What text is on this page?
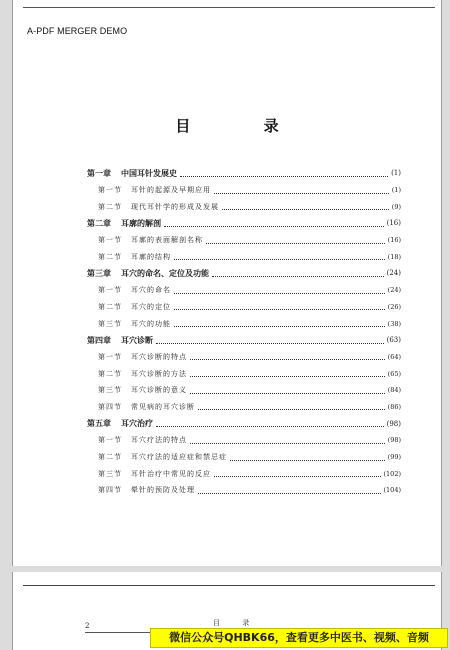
A-PDF MERGER DEMO
目 录
第一章 中国耳针发展史	(1)
第一节 耳针的起源及早期应用	(1)
第二节 现代耳针学的形成及发展	(9)
第二章 耳廓的解剖	(16)
第一节 耳廓的表面解剖名称	(16)
第二节 耳廓的结构	(18)
第三章 耳穴的命名、定位及功能	(24)
第一节 耳穴的命名	(24)
第二节 耳穴的定位	(26)
第三节 耳穴的功能	(38)
第四章 耳穴诊断	(63)
第一节 耳穴诊断的特点	(64)
第二节 耳穴诊断的方法	(65)
第三节 耳穴诊断的意义	(84)
第四节 常见病的耳穴诊断	(86)
第五章 耳穴治疗	(98)
第一节 耳穴疗法的特点	(98)
第二节 耳穴疗法的适应症和禁忌症	(99)
第三节 耳针治疗中常见的反应	(102)
第四节 晕针的预防及处理	(104)
2	目 录
微信公众号QHBK66，查看更多中医书、视频、音频
